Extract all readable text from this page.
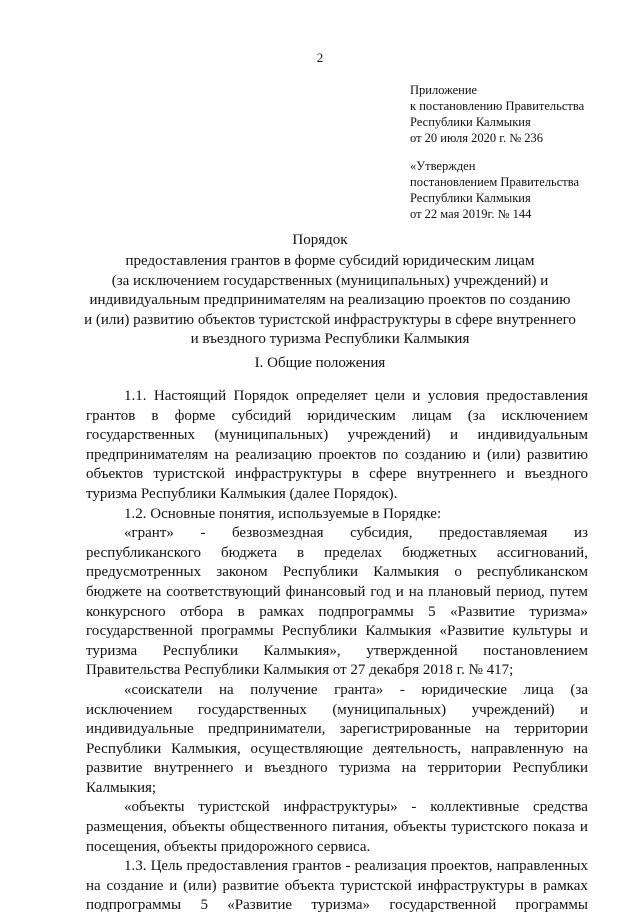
2
Приложение
к постановлению Правительства
Республики Калмыкия
от 20 июля 2020 г. № 236
«Утвержден
постановлением Правительства
Республики Калмыкия
от 22 мая 2019г. № 144
Порядок
предоставления грантов в форме субсидий юридическим лицам
(за исключением государственных (муниципальных) учреждений) и
индивидуальным предпринимателям на реализацию проектов по созданию
и (или) развитию объектов туристской инфраструктуры в сфере внутреннего
и въездного туризма Республики Калмыкия
I. Общие положения
1.1. Настоящий Порядок определяет цели и условия предоставления
грантов в форме субсидий юридическим лицам (за исключением
государственных (муниципальных) учреждений) и индивидуальным
предпринимателям на реализацию проектов по созданию и (или) развитию
объектов туристской инфраструктуры в сфере внутреннего и въездного
туризма Республики Калмыкия (далее Порядок).
1.2. Основные понятия, используемые в Порядке:
«грант» - безвозмездная субсидия, предоставляемая из
республиканского бюджета в пределах бюджетных ассигнований,
предусмотренных законом Республики Калмыкия о республиканском
бюджете на соответствующий финансовый год и на плановый период, путем
конкурсного отбора в рамках подпрограммы 5 «Развитие туризма»
государственной программы Республики Калмыкия «Развитие культуры и
туризма Республики Калмыкия», утвержденной постановлением
Правительства Республики Калмыкия от 27 декабря 2018 г. № 417;
«соискатели на получение гранта» - юридические лица (за
исключением государственных (муниципальных) учреждений) и
индивидуальные предприниматели, зарегистрированные на территории
Республики Калмыкия, осуществляющие деятельность, направленную на
развитие внутреннего и въездного туризма на территории Республики
Калмыкия;
«объекты туристской инфраструктуры» - коллективные средства
размещения, объекты общественного питания, объекты туристского показа и
посещения, объекты придорожного сервиса.
1.3. Цель предоставления грантов - реализация проектов, направленных
на создание и (или) развитие объекта туристской инфраструктуры в рамках
подпрограммы 5 «Развитие туризма» государственной программы
